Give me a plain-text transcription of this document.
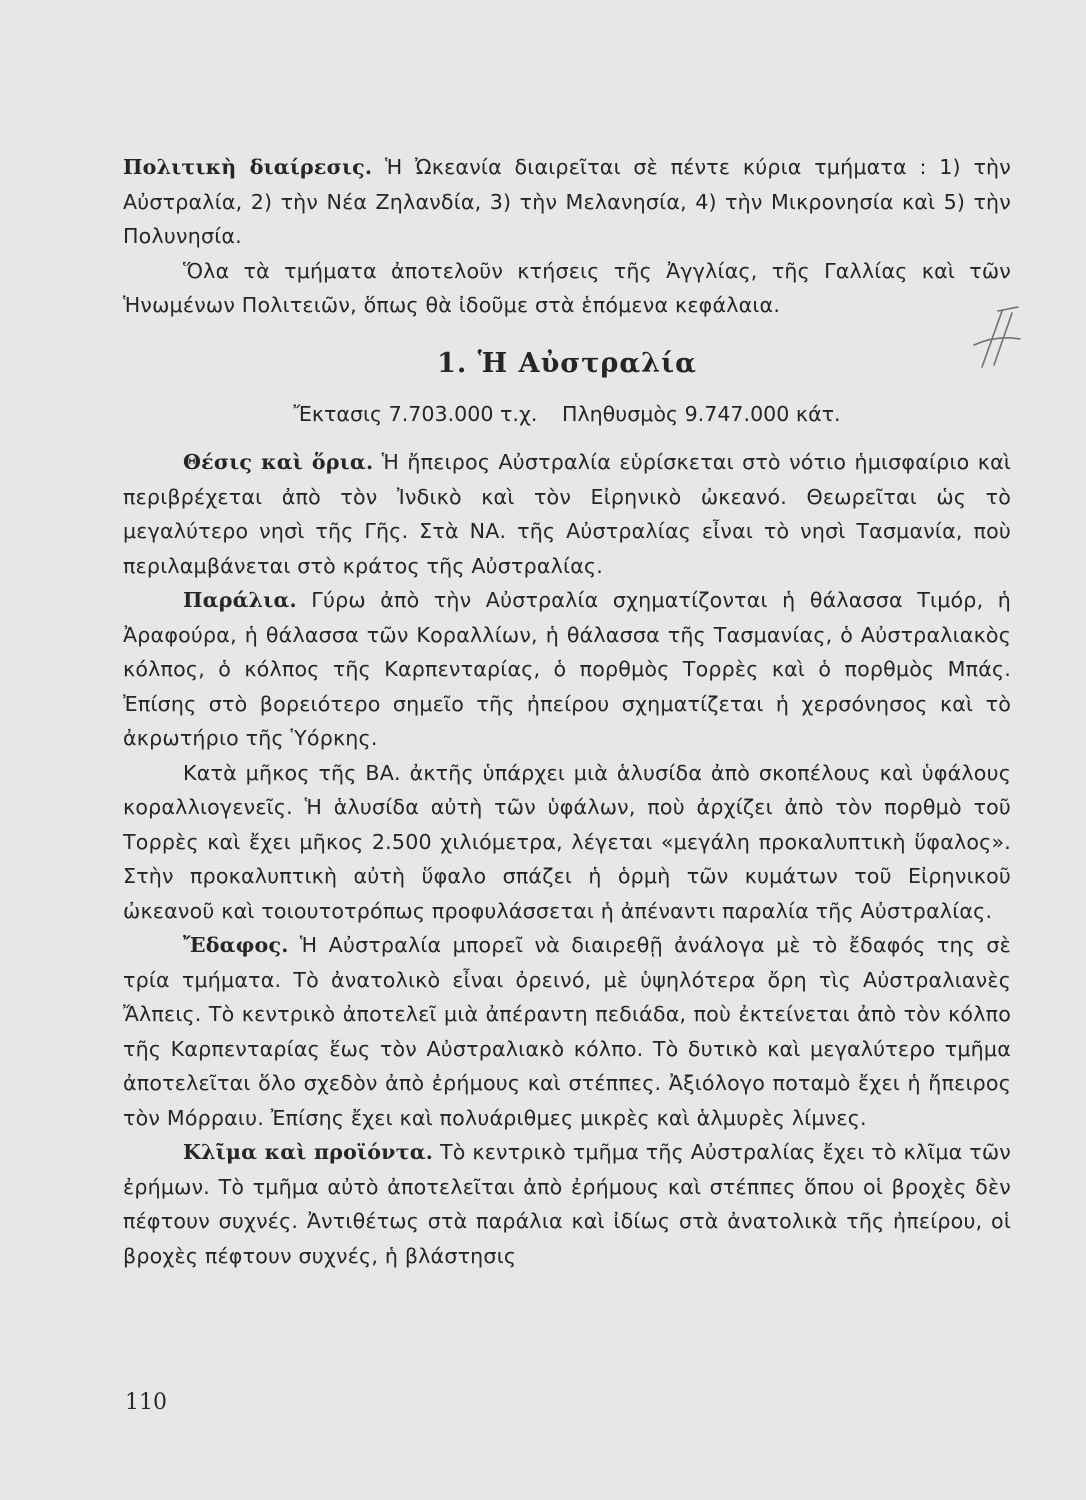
Πολιτικὴ διαίρεσις. Ἡ Ὠκεανία διαιρεῖται σὲ πέντε κύρια τμήματα : 1) τὴν Αὐστραλία, 2) τὴν Νέα Ζηλανδία, 3) τὴν Μελανησία, 4) τὴν Μικρονησία καὶ 5) τὴν Πολυνησία.

Ὅλα τὰ τμήματα ἀποτελοῦν κτήσεις τῆς Ἀγγλίας, τῆς Γαλλίας καὶ τῶν Ἡνωμένων Πολιτειῶν, ὅπως θὰ ἰδοῦμε στὰ ἑπόμενα κεφάλαια.

1. Ἡ Αὐστραλία
Ἔκτασις 7.703.000 τ.χ. Πληθυσμὸς 9.747.000 κάτ.

Θέσις καὶ ὅρια. Ἡ ἤπειρος Αὐστραλία εὑρίσκεται στὸ νότιο ἡμισφαίριο καὶ περιβρέχεται ἀπὸ τὸν Ἰνδικὸ καὶ τὸν Εἰρηνικὸ ὠκεανό. Θεωρεῖται ὡς τὸ μεγαλύτερο νησὶ τῆς Γῆς. Στὰ ΝΑ. τῆς Αὐστραλίας εἶναι τὸ νησὶ Τασμανία, ποὺ περιλαμβάνεται στὸ κράτος τῆς Αὐστραλίας.

Παράλια. Γύρω ἀπὸ τὴν Αὐστραλία σχηματίζονται ἡ θάλασσα Τιμόρ, ἡ Ἀραφούρα, ἡ θάλασσα τῶν Κοραλλίων, ἡ θάλασσα τῆς Τασμανίας, ὁ Αὐστραλιακὸς κόλπος, ὁ κόλπος τῆς Καρπενταρίας, ὁ πορθμὸς Τορρὲς καὶ ὁ πορθμὸς Μπάς. Ἐπίσης στὸ βορειότερο σημεῖο τῆς ἠπείρου σχηματίζεται ἡ χερσόνησος καὶ τὸ ἀκρωτήριο τῆς Ὑόρκης.

Κατὰ μῆκος τῆς ΒΑ. ἀκτῆς ὑπάρχει μιὰ ἁλυσίδα ἀπὸ σκοπέλους καὶ ὑφάλους κοραλλιογενεῖς. Ἡ ἁλυσίδα αὐτὴ τῶν ὑφάλων, ποὺ ἀρχίζει ἀπὸ τὸν πορθμὸ τοῦ Τορρὲς καὶ ἔχει μῆκος 2.500 χιλιόμετρα, λέγεται «μεγάλη προκαλυπτικὴ ὕφαλος». Στὴν προκαλυπτικὴ αὐτὴ ὕφαλο σπάζει ἡ ὁρμὴ τῶν κυμάτων τοῦ Εἰρηνικοῦ ὠκεανοῦ καὶ τοιουτοτρόπως προφυλάσσεται ἡ ἀπέναντι παραλία τῆς Αὐστραλίας.

Ἔδαφος. Ἡ Αὐστραλία μπορεῖ νὰ διαιρεθῇ ἀνάλογα μὲ τὸ ἔδαφός της σὲ τρία τμήματα. Τὸ ἀνατολικὸ εἶναι ὀρεινό, μὲ ὑψηλότερα ὄρη τὶς Αὐστραλιανὲς Ἄλπεις. Τὸ κεντρικὸ ἀποτελεῖ μιὰ ἀπέραντη πεδιάδα, ποὺ ἐκτείνεται ἀπὸ τὸν κόλπο τῆς Καρπενταρίας ἕως τὸν Αὐστραλιακὸ κόλπο. Τὸ δυτικὸ καὶ μεγαλύτερο τμῆμα ἀποτελεῖται ὅλο σχεδὸν ἀπὸ ἐρήμους καὶ στέππες. Ἀξιόλογο ποταμὸ ἔχει ἡ ἤπειρος τὸν Μόρραιυ. Ἐπίσης ἔχει καὶ πολυάριθμες μικρὲς καὶ ἁλμυρὲς λίμνες.

Κλῖμα καὶ προϊόντα. Τὸ κεντρικὸ τμῆμα τῆς Αὐστραλίας ἔχει τὸ κλῖμα τῶν ἐρήμων. Τὸ τμῆμα αὐτὸ ἀποτελεῖται ἀπὸ ἐρήμους καὶ στέππες ὅπου οἱ βροχὲς δὲν πέφτουν συχνές. Ἀντιθέτως στὰ παράλια καὶ ἰδίως στὰ ἀνατολικὰ τῆς ἠπείρου, οἱ βροχὲς πέφτουν συχνές, ἡ βλάστησις

110
